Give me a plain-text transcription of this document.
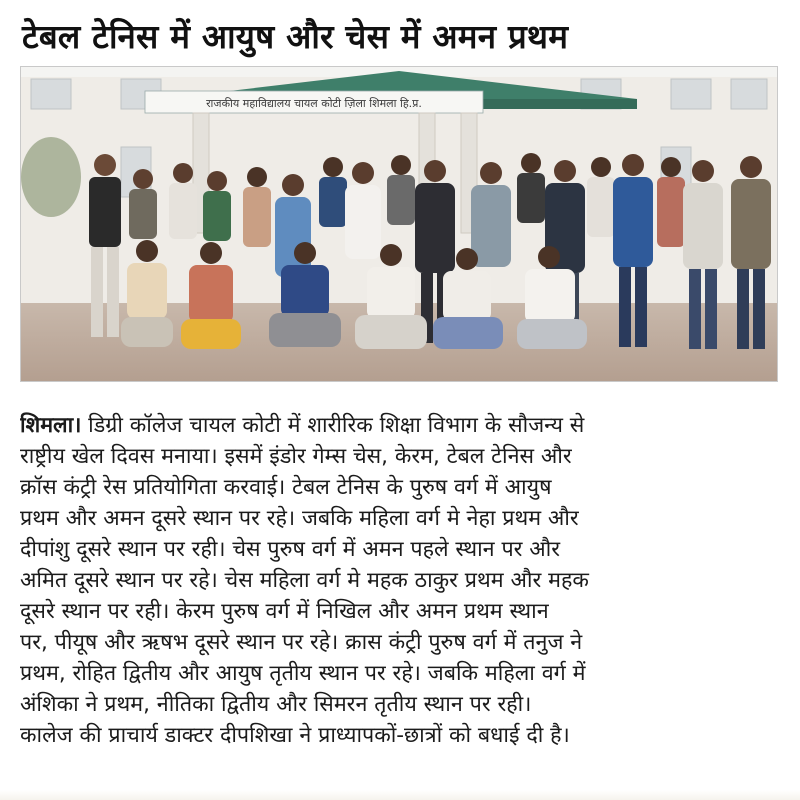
टेबल टेनिस में आयुष और चेस में अमन प्रथम
राजकीय महाविद्यालय चायल कोटी ज़िला शिमला हि.प्र.
शिमला। डिग्री कॉलेज चायल कोटी में शारीरिक शिक्षा विभाग के सौजन्य से
राष्ट्रीय खेल दिवस मनाया। इसमें इंडोर गेम्स चेस, केरम, टेबल टेनिस और
क्रॉस कंट्री रेस प्रतियोगिता करवाई। टेबल टेनिस के पुरुष वर्ग में आयुष
प्रथम और अमन दूसरे स्थान पर रहे। जबकि महिला वर्ग मे नेहा प्रथम और
दीपांशु दूसरे स्थान पर रही। चेस पुरुष वर्ग में अमन पहले स्थान पर और
अमित दूसरे स्थान पर रहे। चेस महिला वर्ग मे महक ठाकुर प्रथम और महक
दूसरे स्थान पर रही। केरम पुरुष वर्ग में निखिल और अमन प्रथम स्थान
पर, पीयूष और ऋषभ दूसरे स्थान पर रहे। क्रास कंट्री पुरुष वर्ग में तनुज ने
प्रथम, रोहित द्वितीय और आयुष तृतीय स्थान पर रहे। जबकि महिला वर्ग में
अंशिका ने प्रथम, नीतिका द्वितीय और सिमरन तृतीय स्थान पर रही।
कालेज की प्राचार्य डाक्टर दीपशिखा ने प्राध्यापकों-छात्रों को बधाई दी है।
